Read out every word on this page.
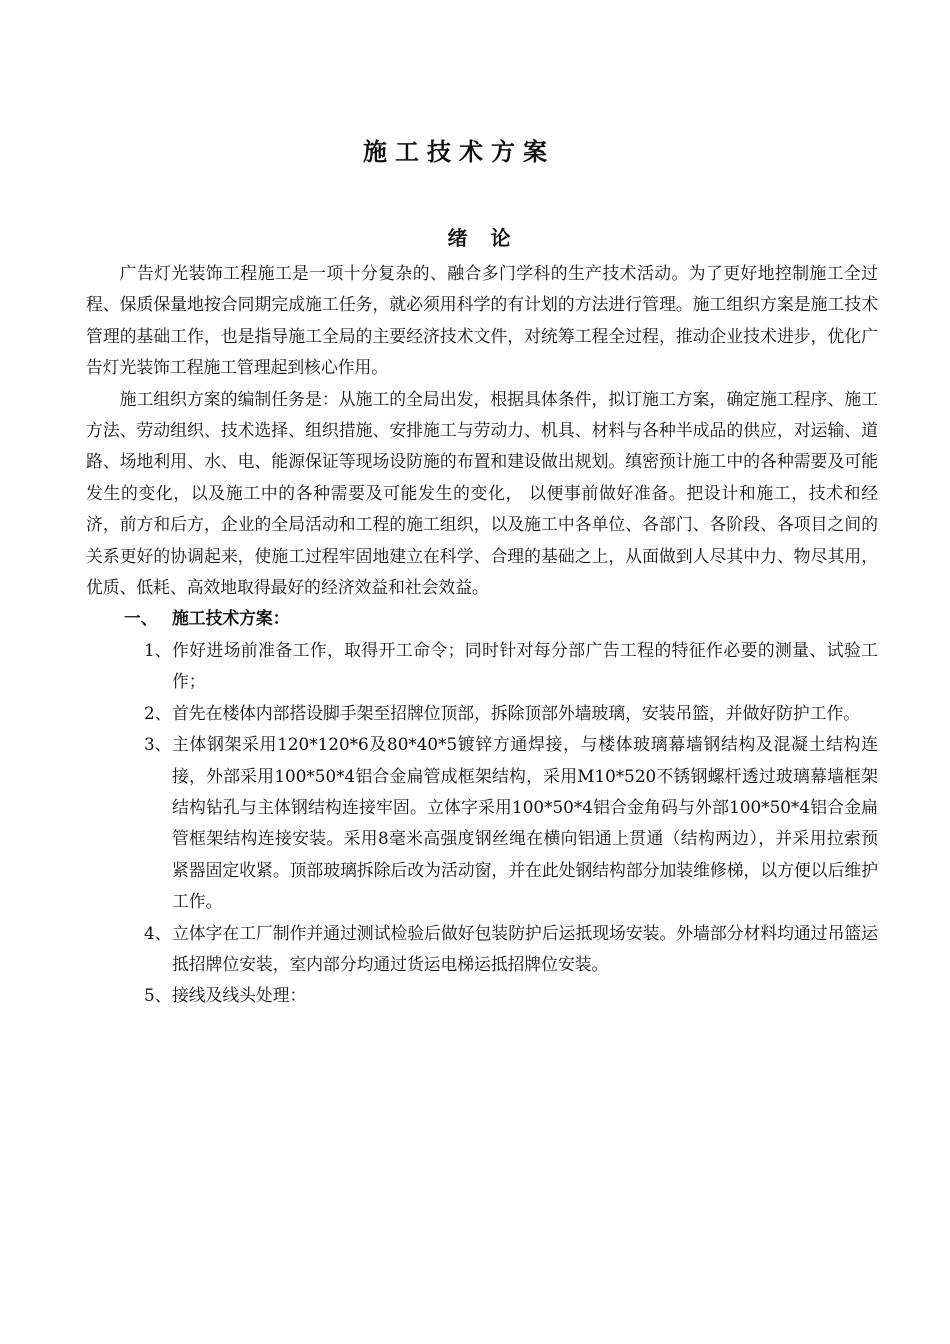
施工技术方案
绪 论

广告灯光装饰工程施工是一项十分复杂的、融合多门学科的生产技术活动。为了更好地控制施工全过程、保质保量地按合同期完成施工任务，就必须用科学的有计划的方法进行管理。施工组织方案是施工技术管理的基础工作，也是指导施工全局的主要经济技术文件，对统筹工程全过程，推动企业技术进步，优化广告灯光装饰工程施工管理起到核心作用。

施工组织方案的编制任务是：从施工的全局出发，根据具体条件，拟订施工方案，确定施工程序、施工方法、劳动组织、技术选择、组织措施、安排施工与劳动力、机具、材料与各种半成品的供应，对运输、道路、场地利用、水、电、能源保证等现场设防施的布置和建设做出规划。缜密预计施工中的各种需要及可能发生的变化，以及施工中的各种需要及可能发生的变化， 以便事前做好准备。把设计和施工，技术和经济，前方和后方，企业的全局活动和工程的施工组织，以及施工中各单位、各部门、各阶段、各项目之间的关系更好的协调起来，使施工过程牢固地建立在科学、合理的基础之上，从面做到人尽其中力、物尽其用，优质、低耗、高效地取得最好的经济效益和社会效益。

一、 施工技术方案：

1、 作好进场前准备工作，取得开工命令；同时针对每分部广告工程的特征作必要的测量、试验工作；

2、 首先在楼体内部搭设脚手架至招牌位顶部，拆除顶部外墙玻璃，安装吊篮，并做好防护工作。

3、 主体钢架采用120*120*6及80*40*5镀锌方通焊接，与楼体玻璃幕墙钢结构及混凝土结构连接，外部采用100*50*4铝合金扁管成框架结构，采用M10*520不锈钢螺杆透过玻璃幕墙框架结构钻孔与主体钢结构连接牢固。立体字采用100*50*4铝合金角码与外部100*50*4铝合金扁管框架结构连接安装。采用8毫米高强度钢丝绳在横向铝通上贯通（结构两边），并采用拉索预紧器固定收紧。顶部玻璃拆除后改为活动窗，并在此处钢结构部分加装维修梯，以方便以后维护工作。

4、 立体字在工厂制作并通过测试检验后做好包装防护后运抵现场安装。外墙部分材料均通过吊篮运抵招牌位安装，室内部分均通过货运电梯运抵招牌位安装。

5、 接线及线头处理：
